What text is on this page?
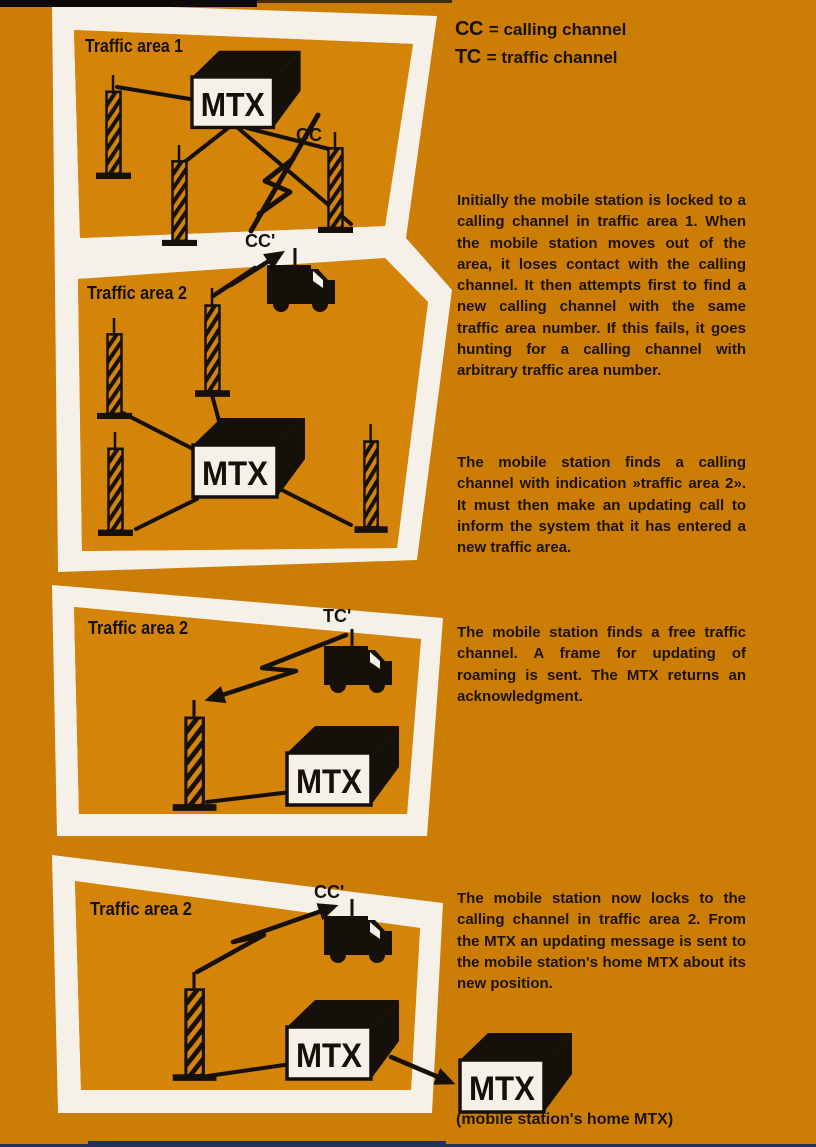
MTX Traffic area 1
CC
CC'
Traffic area 2
Traffic area 2
TC'
Traffic area 2
CC'
CC = calling channel
TC = traffic channel
Initially the mobile station is locked to a calling channel in traffic area 1. When the mobile station moves out of the area, it loses contact with the calling channel. It then attempts first to find a new calling channel with the same traffic area number. If this fails, it goes hunting for a calling channel with arbitrary traffic area number.
The mobile station finds a calling channel with indication »traffic area 2». It must then make an updating call to inform the system that it has entered a new traffic area.
The mobile station finds a free traffic channel. A frame for updating of roaming is sent. The MTX returns an acknowledgment.
The mobile station now locks to the calling channel in traffic area 2. From the MTX an updating message is sent to the mobile station's home MTX about its new position.
(mobile station's home MTX)
